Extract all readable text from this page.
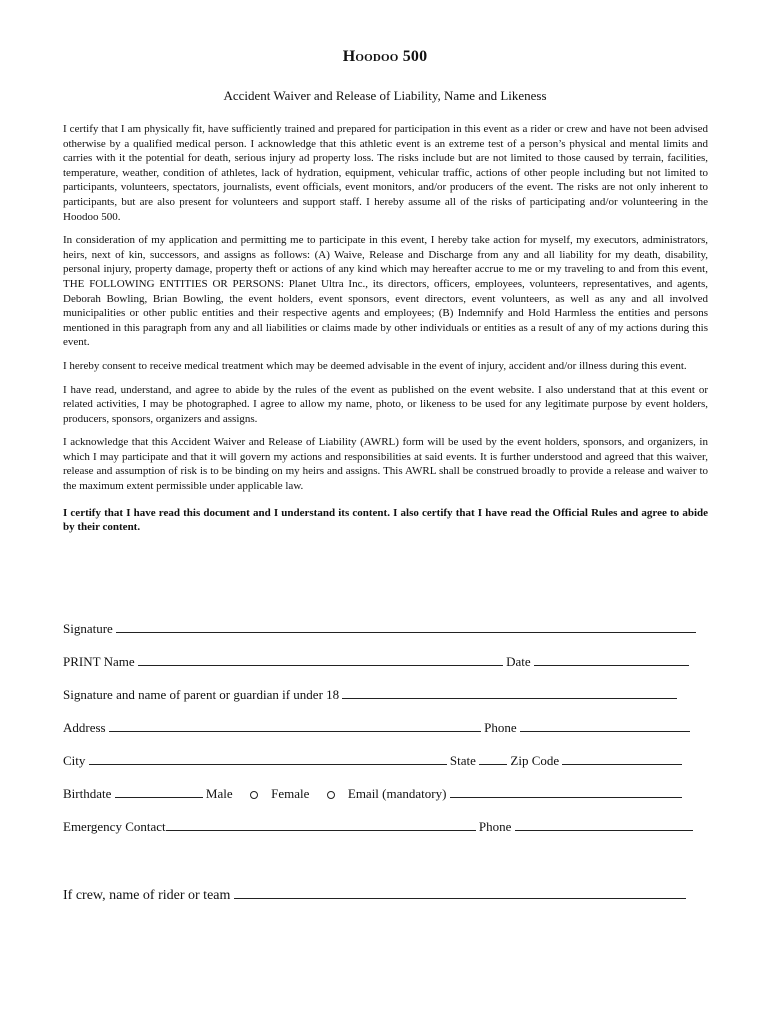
Hoodoo 500
Accident Waiver and Release of Liability, Name and Likeness

I certify that I am physically fit, have sufficiently trained and prepared for participation in this event as a rider or crew and have not been advised otherwise by a qualified medical person. I acknowledge that this athletic event is an extreme test of a person’s physical and mental limits and carries with it the potential for death, serious injury ad property loss. The risks include but are not limited to those caused by terrain, facilities, temperature, weather, condition of athletes, lack of hydration, equipment, vehicular traffic, actions of other people including but not limited to participants, volunteers, spectators, journalists, event officials, event monitors, and/or producers of the event. The risks are not only inherent to participants, but are also present for volunteers and support staff. I hereby assume all of the risks of participating and/or volunteering in the Hoodoo 500.

In consideration of my application and permitting me to participate in this event, I hereby take action for myself, my executors, administrators, heirs, next of kin, successors, and assigns as follows: (A) Waive, Release and Discharge from any and all liability for my death, disability, personal injury, property damage, property theft or actions of any kind which may hereafter accrue to me or my traveling to and from this event, THE FOLLOWING ENTITIES OR PERSONS: Planet Ultra Inc., its directors, officers, employees, volunteers, representatives, and agents, Deborah Bowling, Brian Bowling, the event holders, event sponsors, event directors, event volunteers, as well as any and all involved municipalities or other public entities and their respective agents and employees; (B) Indemnify and Hold Harmless the entities and persons mentioned in this paragraph from any and all liabilities or claims made by other individuals or entities as a result of any of my actions during this event.

I hereby consent to receive medical treatment which may be deemed advisable in the event of injury, accident and/or illness during this event.

I have read, understand, and agree to abide by the rules of the event as published on the event website. I also understand that at this event or related activities, I may be photographed. I agree to allow my name, photo, or likeness to be used for any legitimate purpose by event holders, producers, sponsors, organizers and assigns.

I acknowledge that this Accident Waiver and Release of Liability (AWRL) form will be used by the event holders, sponsors, and organizers, in which I may participate and that it will govern my actions and responsibilities at said events. It is further understood and agreed that this waiver, release and assumption of risk is to be binding on my heirs and assigns. This AWRL shall be construed broadly to provide a release and waiver to the maximum extent permissible under applicable law.

I certify that I have read this document and I understand its content. I also certify that I have read the Official Rules and agree to abide by their content.

Signature
PRINT Name	Date
Signature and name of parent or guardian if under 18
Address	Phone
City	State	Zip Code
Birthdate	Male	Female	Email (mandatory)
Emergency Contact	Phone
If crew, name of rider or team
